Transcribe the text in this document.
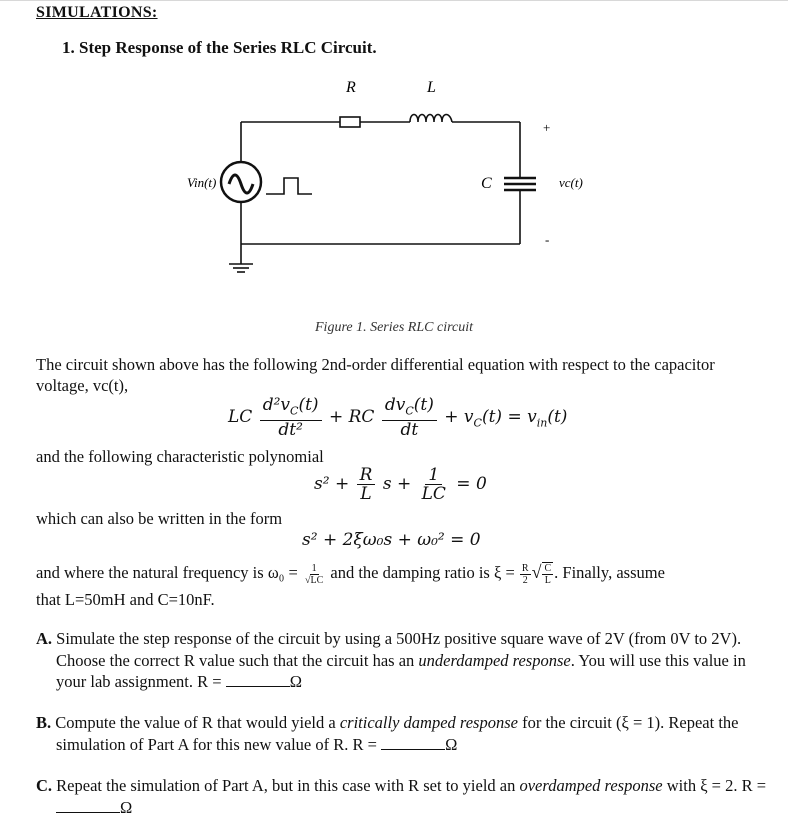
SIMULATIONS:
1. Step Response of the Series RLC Circuit.
R	L
C
Vin(t)	vc(t)
+
-
Figure 1. Series RLC circuit
The circuit shown above has the following 2nd-order differential equation with respect to the capacitor voltage, vc(t),
LC $\frac{d^2v_C(t)}{\text{dt²}}$ + RC $\frac{dv_C(t)}{dt} + v_C(t) = v_{in}(t)$
and the following characteristic polynomial
$s^2 + \frac{R}{L}$ $s + \frac{1}{LC} = 0$
which can also be written in the form
s² + 2ξω₀s + ω₀² = 0
and where the natural frequency is $\omega_0 = \frac{1}{√LC}$ and the damping ratio is $\xi = \frac{R}{2}$ √ $\frac{C}{L}$ . Finally, assume
that L=50mH and C=10nF.
A. Simulate the step response of the circuit by using a 500Hz positive square wave of 2V (from 0V to 2V). Choose the correct R value such that the circuit has an underdamped response. You will use this value in your lab assignment. R =	Ω
B. Compute the value of R that would yield a critically damped response for the circuit (ξ = 1). Repeat the simulation of Part A for this new value of R. R =	Ω
C. Repeat the simulation of Part A, but in this case with R set to yield an overdamped response with ξ = 2. R = Ω
